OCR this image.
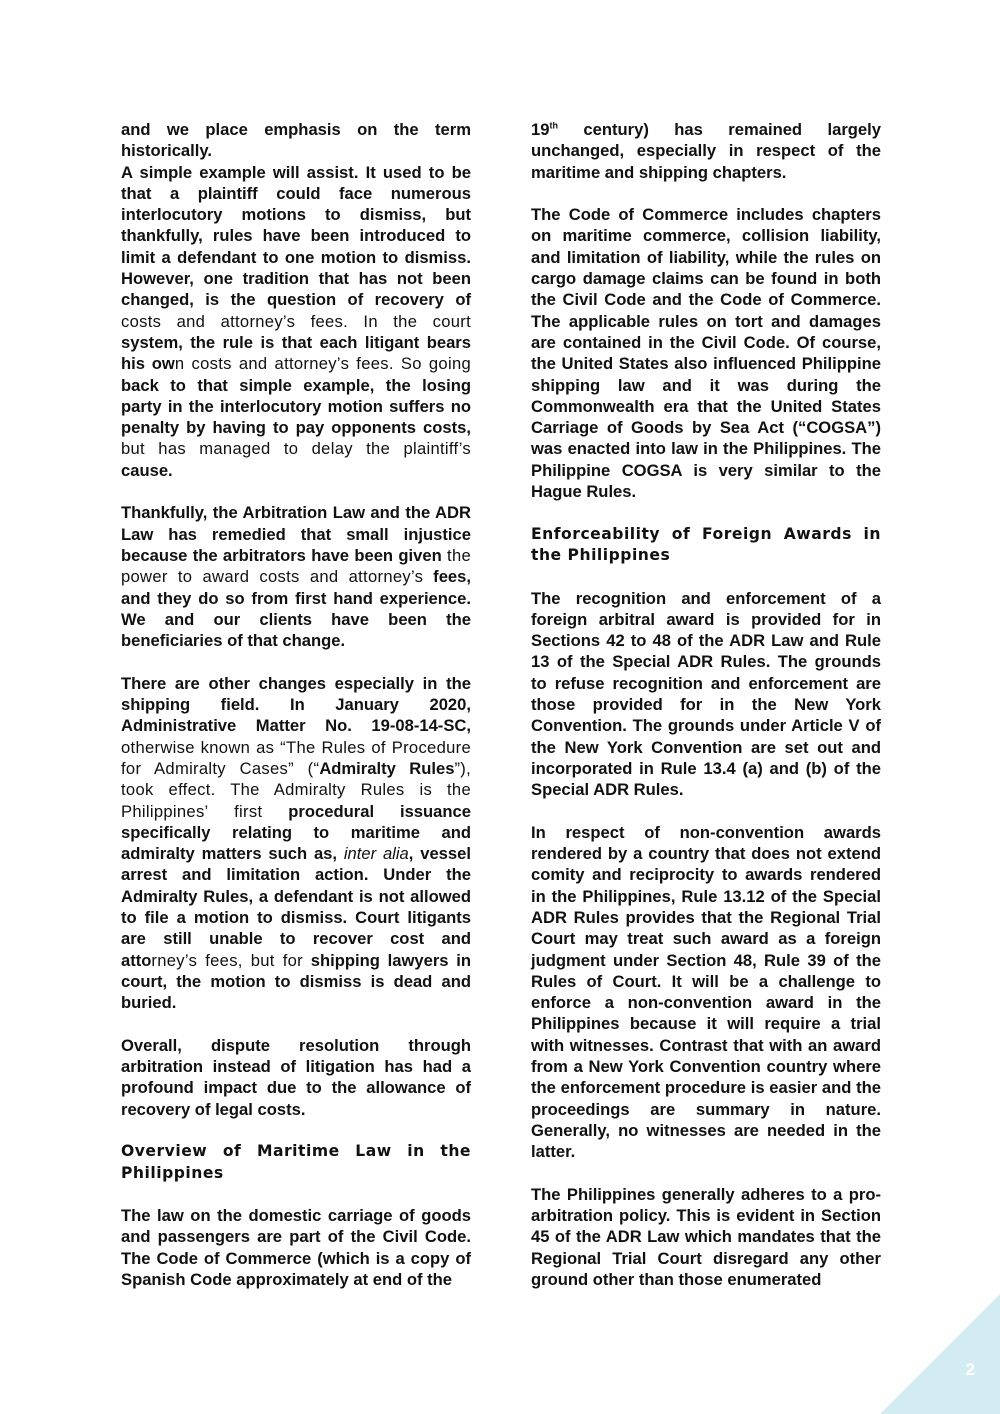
and we place emphasis on the term historically.

A simple example will assist. It used to be that a plaintiff could face numerous interlocutory motions to dismiss, but thankfully, rules have been introduced to limit a defendant to one motion to dismiss. However, one tradition that has not been changed, is the question of recovery of costs and attorney’s fees. In the court system, the rule is that each litigant bears his own costs and attorney’s fees. So going back to that simple example, the losing party in the interlocutory motion suffers no penalty by having to pay opponents costs, but has managed to delay the plaintiff’s cause.

Thankfully, the Arbitration Law and the ADR Law has remedied that small injustice because the arbitrators have been given the power to award costs and attorney’s fees, and they do so from first hand experience. We and our clients have been the beneficiaries of that change.

There are other changes especially in the shipping field. In January 2020, Administrative Matter No. 19-08-14-SC, otherwise known as “The Rules of Procedure for Admiralty Cases” (“Admiralty Rules”), took effect. The Admiralty Rules is the Philippines’ first procedural issuance specifically relating to maritime and admiralty matters such as, inter alia, vessel arrest and limitation action. Under the Admiralty Rules, a defendant is not allowed to file a motion to dismiss. Court litigants are still unable to recover cost and attorney’s fees, but for shipping lawyers in court, the motion to dismiss is dead and buried.

Overall, dispute resolution through arbitration instead of litigation has had a profound impact due to the allowance of recovery of legal costs.

Overview of Maritime Law in the Philippines

The law on the domestic carriage of goods and passengers are part of the Civil Code. The Code of Commerce (which is a copy of Spanish Code approximately at end of the

19th century) has remained largely unchanged, especially in respect of the maritime and shipping chapters.

The Code of Commerce includes chapters on maritime commerce, collision liability, and limitation of liability, while the rules on cargo damage claims can be found in both the Civil Code and the Code of Commerce. The applicable rules on tort and damages are contained in the Civil Code. Of course, the United States also influenced Philippine shipping law and it was during the Commonwealth era that the United States Carriage of Goods by Sea Act (“COGSA”) was enacted into law in the Philippines. The Philippine COGSA is very similar to the Hague Rules.

Enforceability of Foreign Awards in the Philippines

The recognition and enforcement of a foreign arbitral award is provided for in Sections 42 to 48 of the ADR Law and Rule 13 of the Special ADR Rules. The grounds to refuse recognition and enforcement are those provided for in the New York Convention. The grounds under Article V of the New York Convention are set out and incorporated in Rule 13.4 (a) and (b) of the Special ADR Rules.

In respect of non-convention awards rendered by a country that does not extend comity and reciprocity to awards rendered in the Philippines, Rule 13.12 of the Special ADR Rules provides that the Regional Trial Court may treat such award as a foreign judgment under Section 48, Rule 39 of the Rules of Court. It will be a challenge to enforce a non-convention award in the Philippines because it will require a trial with witnesses. Contrast that with an award from a New York Convention country where the enforcement procedure is easier and the proceedings are summary in nature. Generally, no witnesses are needed in the latter.

The Philippines generally adheres to a pro-arbitration policy. This is evident in Section 45 of the ADR Law which mandates that the Regional Trial Court disregard any other ground other than those enumerated

2
